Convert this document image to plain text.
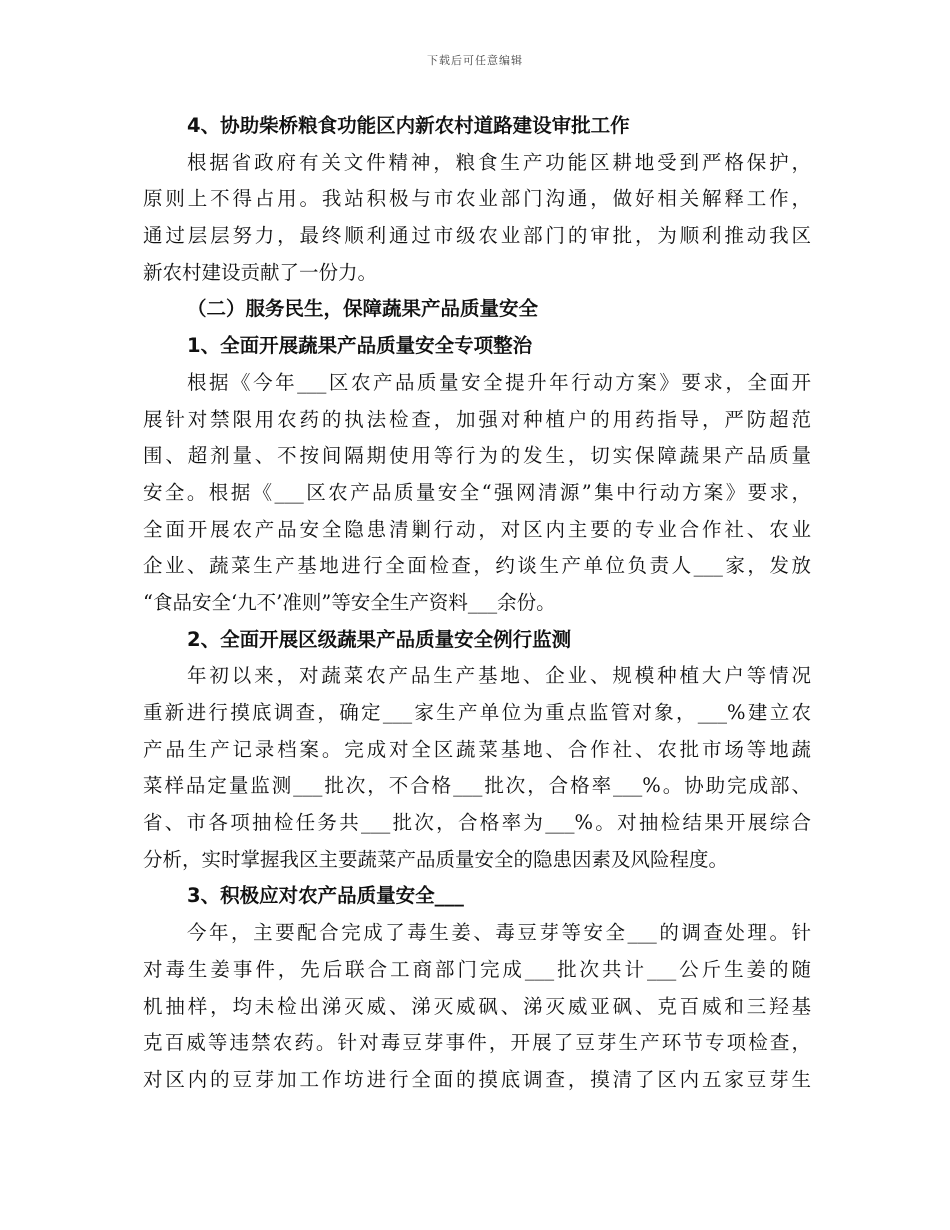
下载后可任意编辑
4、协助柴桥粮食功能区内新农村道路建设审批工作
根据省政府有关文件精神，粮食生产功能区耕地受到严格保护，
原则上不得占用。我站积极与市农业部门沟通，做好相关解释工作，
通过层层努力，最终顺利通过市级农业部门的审批，为顺利推动我区
新农村建设贡献了一份力。
（二）服务民生，保障蔬果产品质量安全
1、全面开展蔬果产品质量安全专项整治
根据《今年___区农产品质量安全提升年行动方案》要求，全面开
展针对禁限用农药的执法检查，加强对种植户的用药指导，严防超范
围、超剂量、不按间隔期使用等行为的发生，切实保障蔬果产品质量
安全。根据《___区农产品质量安全“强网清源”集中行动方案》要求，
全面开展农产品安全隐患清剿行动，对区内主要的专业合作社、农业
企业、蔬菜生产基地进行全面检查，约谈生产单位负责人___家，发放
“食品安全‘九不’准则”等安全生产资料___余份。
2、全面开展区级蔬果产品质量安全例行监测
年初以来，对蔬菜农产品生产基地、企业、规模种植大户等情况
重新进行摸底调查，确定___家生产单位为重点监管对象，___%建立农
产品生产记录档案。完成对全区蔬菜基地、合作社、农批市场等地蔬
菜样品定量监测___批次，不合格___批次，合格率___%。协助完成部、
省、市各项抽检任务共___批次，合格率为___%。对抽检结果开展综合
分析，实时掌握我区主要蔬菜产品质量安全的隐患因素及风险程度。
3、积极应对农产品质量安全___
今年，主要配合完成了毒生姜、毒豆芽等安全___的调查处理。针
对毒生姜事件，先后联合工商部门完成___批次共计___公斤生姜的随
机抽样，均未检出涕灭威、涕灭威砜、涕灭威亚砜、克百威和三羟基
克百威等违禁农药。针对毒豆芽事件，开展了豆芽生产环节专项检查，
对区内的豆芽加工作坊进行全面的摸底调查，摸清了区内五家豆芽生
